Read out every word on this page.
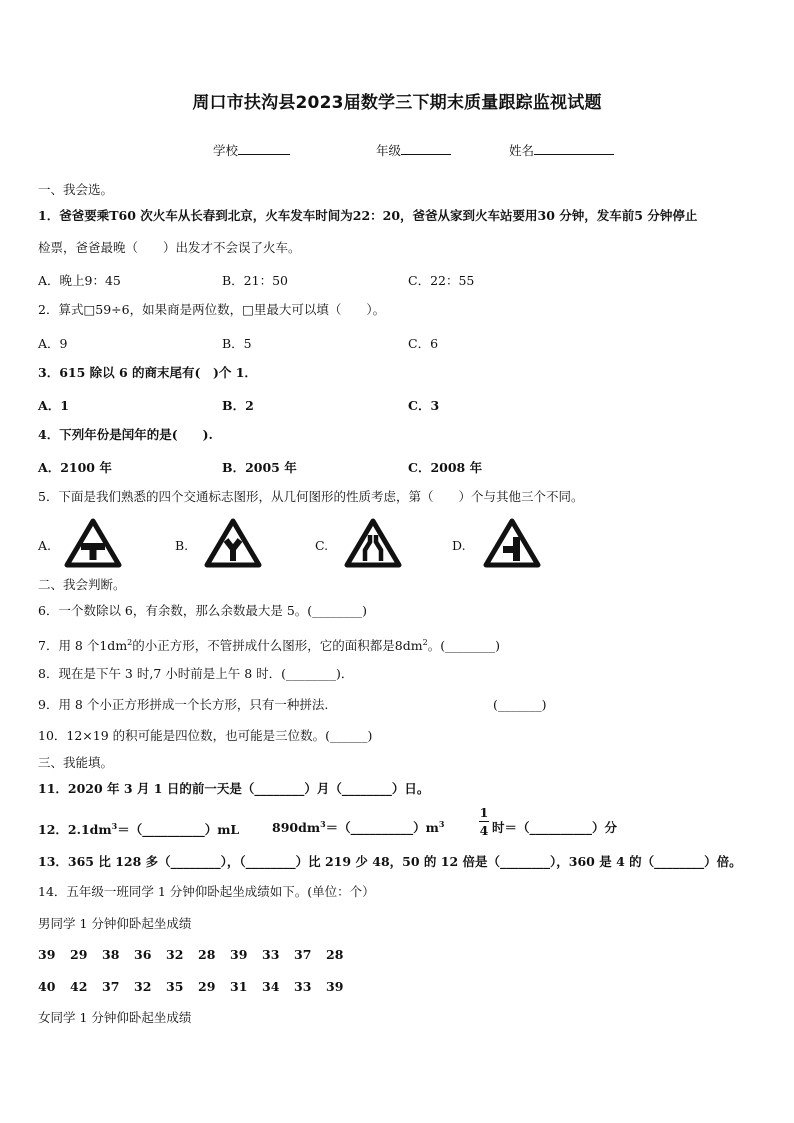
周口市扶沟县2023届数学三下期末质量跟踪监视试题
学校	年级	姓名
一、我会选。
1．爸爸要乘T60 次火车从长春到北京，火车发车时间为22：20，爸爸从家到火车站要用30 分钟，发车前5 分钟停止
检票，爸爸最晚（　　）出发才不会误了火车。
A．晚上9：45	B．21：50	C．22：55
2．算式□59÷6，如果商是两位数，□里最大可以填（　　）。
A．9	B．5	C．6
3．615 除以 6 的商末尾有(　)个 1．
A．1	B．2	C．3
4．下列年份是闰年的是(　　).
A．2100 年	B．2005 年	C．2008 年
5．下面是我们熟悉的四个交通标志图形，从几何图形的性质考虑，第（　　）个与其他三个不同。
A.	B.	C.	D.
二、我会判断。
6．一个数除以 6，有余数，那么余数最大是 5。(________)
7．用 8 个$1dm^2$的小正方形，不管拼成什么图形，它的面积都是$8dm^2$。(________)
8．现在是下午 3 时,7 小时前是上午 8 时．(________)．
9．用 8 个小正方形拼成一个长方形，只有一种拼法.	(_______)
10．12×19 的积可能是四位数，也可能是三位数。(______)
三、我能填。
11．2020 年 3 月 1 日的前一天是（________）月（________）日。
12．$2.1dm^3=(\_\_\_\_\_\_\_\_\_\_)mL$	$890dm^3=(\_\_\_\_\_\_\_\_\_\_)m^3$
1
4 时＝（__________）分
13．365 比 128 多（________），（________）比 219 少 48，50 的 12 倍是（________），360 是 4 的（________）倍。
14．五年级一班同学 1 分钟仰卧起坐成绩如下。(单位：个）
男同学 1 分钟仰卧起坐成绩
39 29 38 36 32 28 39 33 37 28
40 42 37 32 35 29 31 34 33 39
女同学 1 分钟仰卧起坐成绩
